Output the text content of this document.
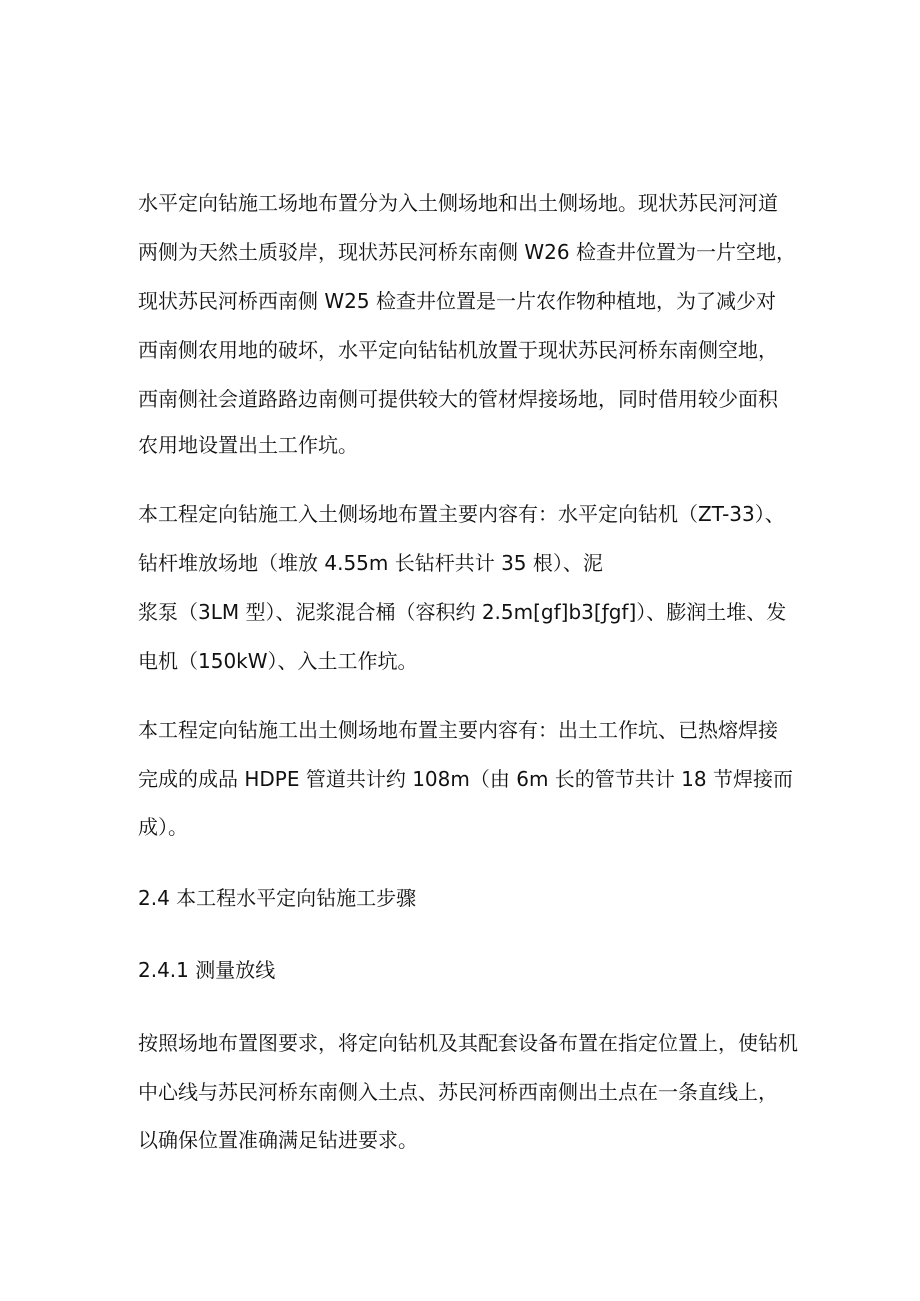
水平定向钻施工场地布置分为入土侧场地和出土侧场地。现状苏民河河道
两侧为天然土质驳岸，现状苏民河桥东南侧 W26 检查井位置为一片空地，
现状苏民河桥西南侧 W25 检查井位置是一片农作物种植地，为了减少对
西南侧农用地的破坏，水平定向钻钻机放置于现状苏民河桥东南侧空地，
西南侧社会道路路边南侧可提供较大的管材焊接场地，同时借用较少面积
农用地设置出土工作坑。
本工程定向钻施工入土侧场地布置主要内容有：水平定向钻机（ZT-33）、
钻杆堆放场地（堆放 4.55m 长钻杆共计 35 根）、泥
浆泵（3LM 型）、泥浆混合桶（容积约 2.5m[gf]b3[ƒgf]）、膨润土堆、发
电机（150kW）、入土工作坑。
本工程定向钻施工出土侧场地布置主要内容有：出土工作坑、已热熔焊接
完成的成品 HDPE 管道共计约 108m（由 6m 长的管节共计 18 节焊接而
成）。
2.4 本工程水平定向钻施工步骤
2.4.1 测量放线
按照场地布置图要求，将定向钻机及其配套设备布置在指定位置上，使钻机
中心线与苏民河桥东南侧入土点、苏民河桥西南侧出土点在一条直线上，
以确保位置准确满足钻进要求。
